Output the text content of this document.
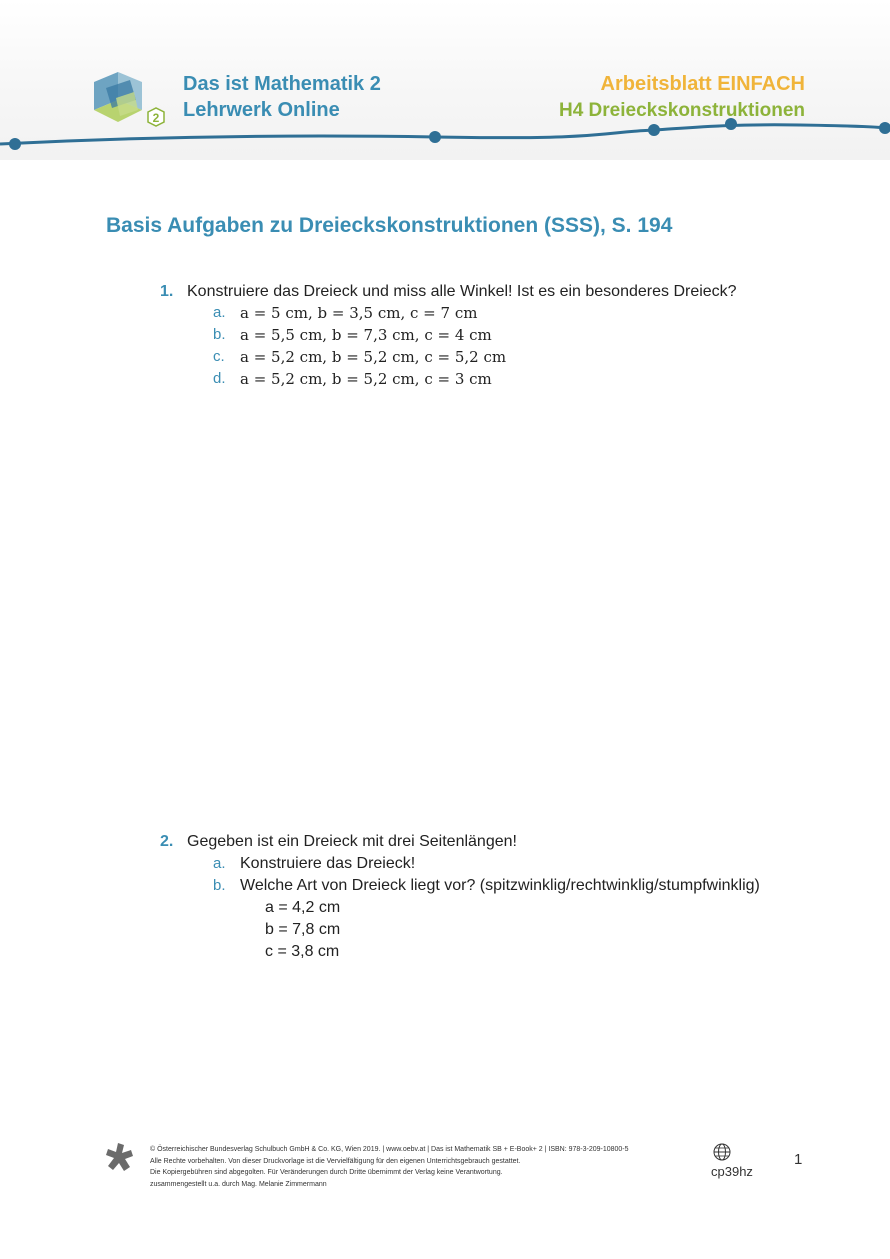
2
Das ist Mathematik 2
Lehrwerk Online
Arbeitsblatt EINFACH
H4 Dreieckskonstruktionen
Basis Aufgaben zu Dreieckskonstruktionen (SSS), S. 194
1. Konstruiere das Dreieck und miss alle Winkel! Ist es ein besonderes Dreieck?
a. a = 5 cm, b = 3,5 cm, c = 7 cm
b. a = 5,5 cm, b = 7,3 cm, c = 4 cm
c. a = 5,2 cm, b = 5,2 cm, c = 5,2 cm
d. a = 5,2 cm, b = 5,2 cm, c = 3 cm
2. Gegeben ist ein Dreieck mit drei Seitenlängen!
a. Konstruiere das Dreieck!
b. Welche Art von Dreieck liegt vor? (spitzwinklig/rechtwinklig/stumpfwinklig)
a = 4,2 cm
b = 7,8 cm
c = 3,8 cm
© Österreichischer Bundesverlag Schulbuch GmbH & Co. KG, Wien 2019. | www.oebv.at | Das ist Mathematik SB + E-Book+ 2 | ISBN: 978-3-209-10800-5
Alle Rechte vorbehalten. Von dieser Druckvorlage ist die Vervielfältigung für den eigenen Unterrichtsgebrauch gestattet.
Die Kopiergebühren sind abgegolten. Für Veränderungen durch Dritte übernimmt der Verlag keine Verantwortung.
zusammengestellt u.a. durch Mag. Melanie Zimmermann
cp39hz
1
